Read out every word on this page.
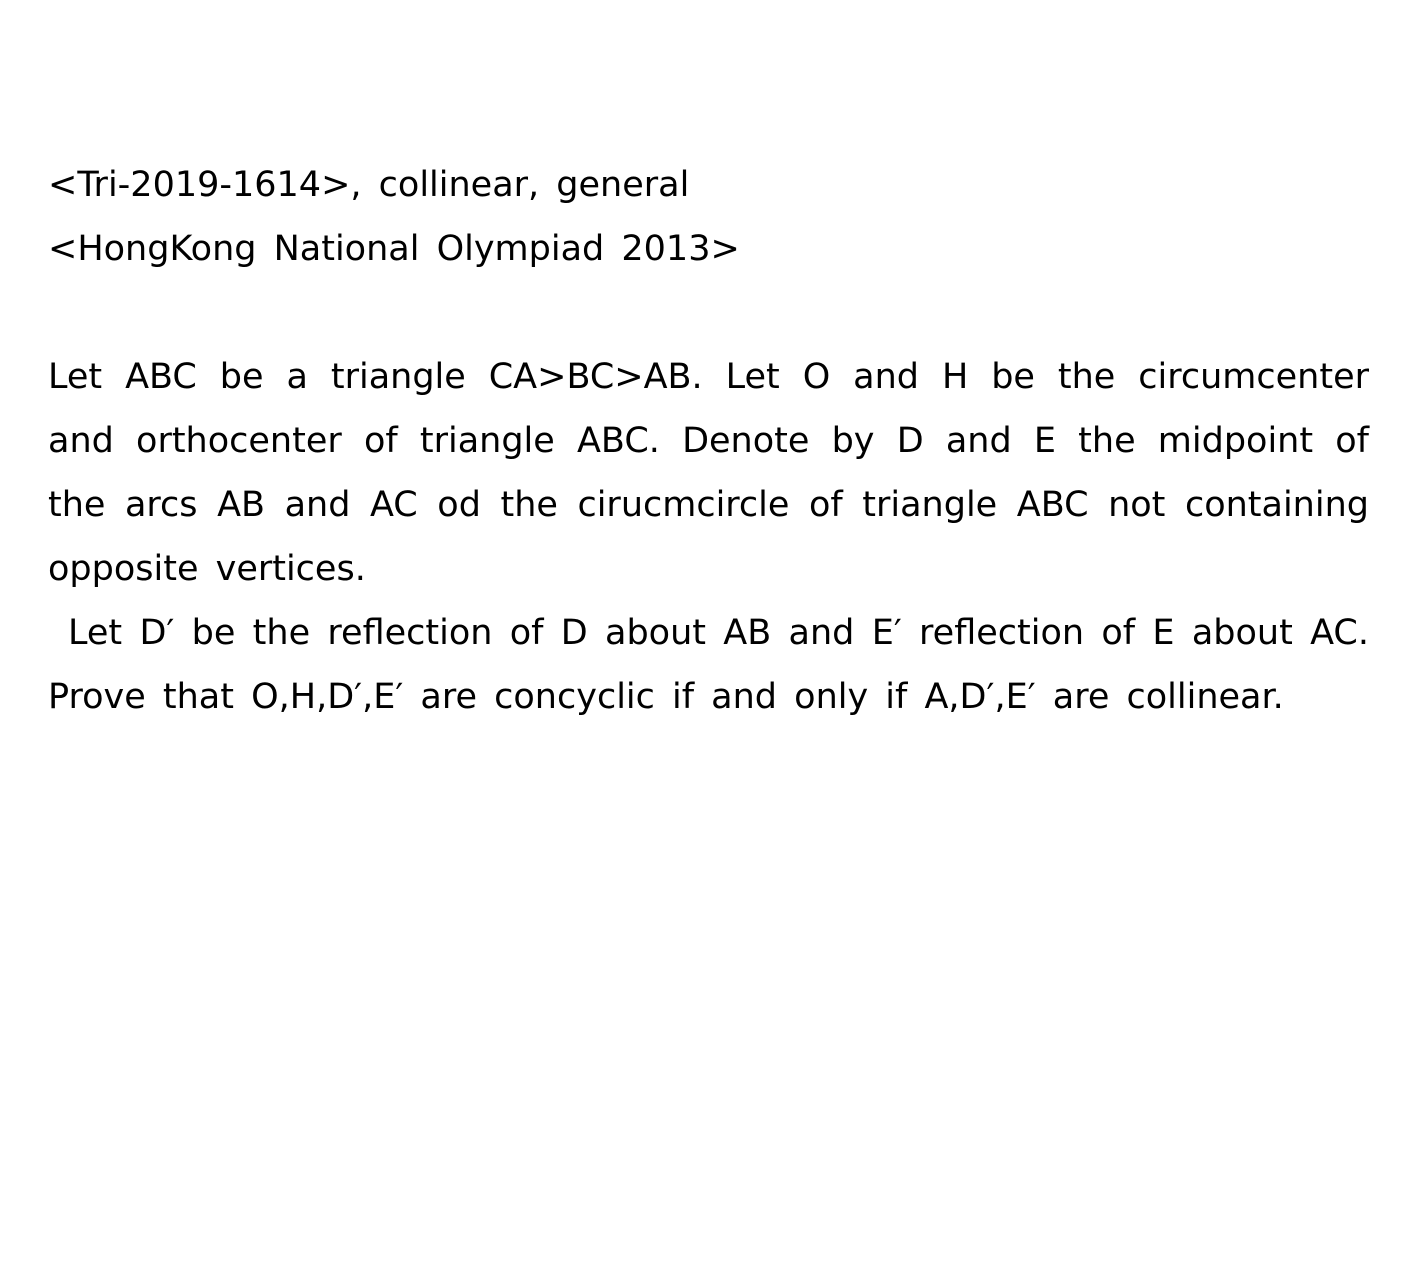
<Tri-2019-1614>, collinear, general
<HongKong National Olympiad 2013>

Let ABC be a triangle CA>BC>AB. Let O and H be the circumcenter and orthocenter of triangle ABC. Denote by D and E the midpoint of the arcs AB and AC od the cirucmcircle of triangle ABC not containing opposite vertices.

Let D′ be the reflection of D about AB and E′ reflection of E about AC. Prove that O,H,D′,E′ are concyclic if and only if A,D′,E′ are collinear.
